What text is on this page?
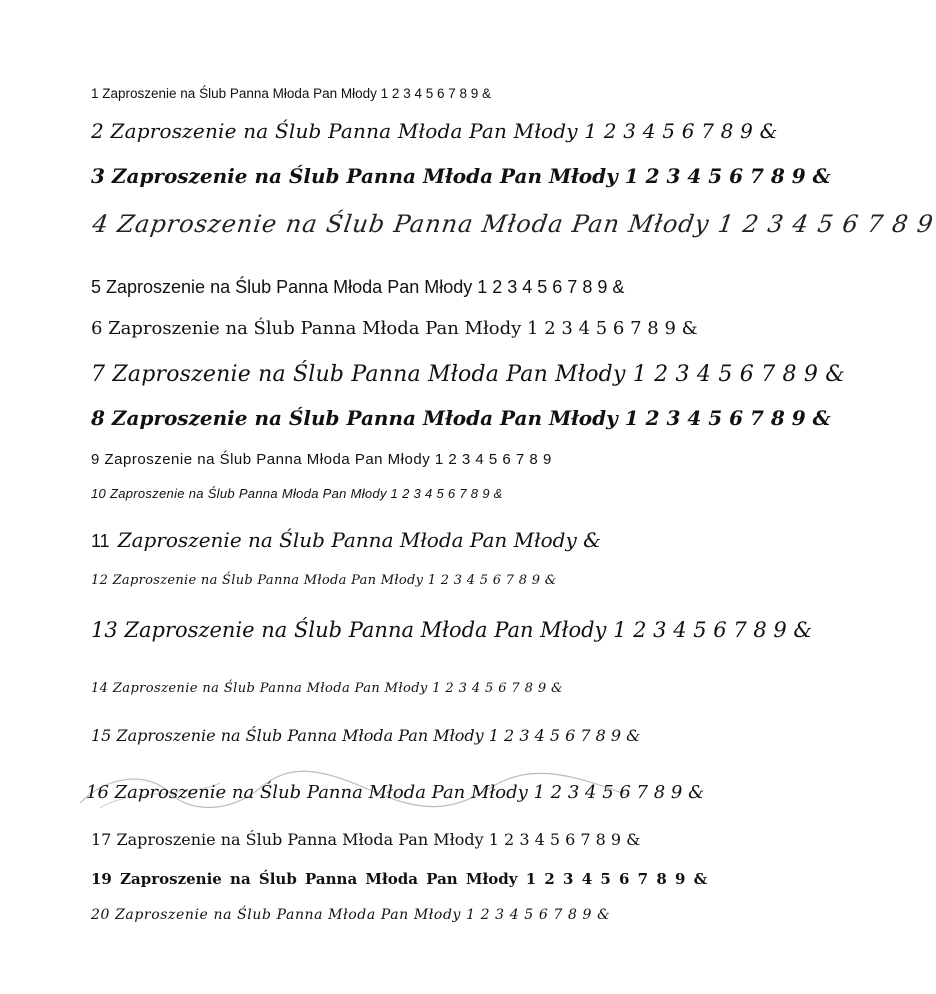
1 Zaproszenie na Ślub Panna Młoda Pan Młody 1 2 3 4 5 6 7 8 9 &
2 Zaproszenie na Ślub Panna Młoda Pan Młody 1 2 3 4 5 6 7 8 9 &
3 Zaproszenie na Ślub Panna Młoda Pan Młody 1 2 3 4 5 6 7 8 9 &
4 Zaproszenie na Ślub Panna Młoda Pan Młody 1 2 3 4 5 6 7 8 9
5 Zaproszenie na Ślub Panna Młoda Pan Młody 1 2 3 4 5 6 7 8 9 &
6 Zaproszenie na Ślub Panna Młoda Pan Młody 1 2 3 4 5 6 7 8 9 &
7 Zaproszenie na Ślub Panna Młoda Pan Młody 1 2 3 4 5 6 7 8 9 &
8 Zaproszenie na Ślub Panna Młoda Pan Młody 1 2 3 4 5 6 7 8 9 &
9 Zaproszenie na Ślub Panna Młoda Pan Młody 1 2 3 4 5 6 7 8 9
10 Zaproszenie na Ślub Panna Młoda Pan Młody 1 2 3 4 5 6 7 8 9 &
11 Zaproszenie na Ślub Panna Młoda Pan Młody &
12 Zaproszenie na Ślub Panna Młoda Pan Młody 1 2 3 4 5 6 7 8 9 &
13 Zaproszenie na Ślub Panna Młoda Pan Młody 1 2 3 4 5 6 7 8 9 &
14 Zaproszenie na Ślub Panna Młoda Pan Młody 1 2 3 4 5 6 7 8 9 &
15 Zaproszenie na Ślub Panna Młoda Pan Młody 1 2 3 4 5 6 7 8 9 &
16 Zaproszenie na Ślub Panna Młoda Pan Młody 1 2 3 4 5 6 7 8 9 &
17 Zaproszenie na Ślub Panna Młoda Pan Młody 1 2 3 4 5 6 7 8 9 &
19 Zaproszenie na Ślub Panna Młoda Pan Młody 1 2 3 4 5 6 7 8 9 &
20 Zaproszenie na Ślub Panna Młoda Pan Młody 1 2 3 4 5 6 7 8 9 &
